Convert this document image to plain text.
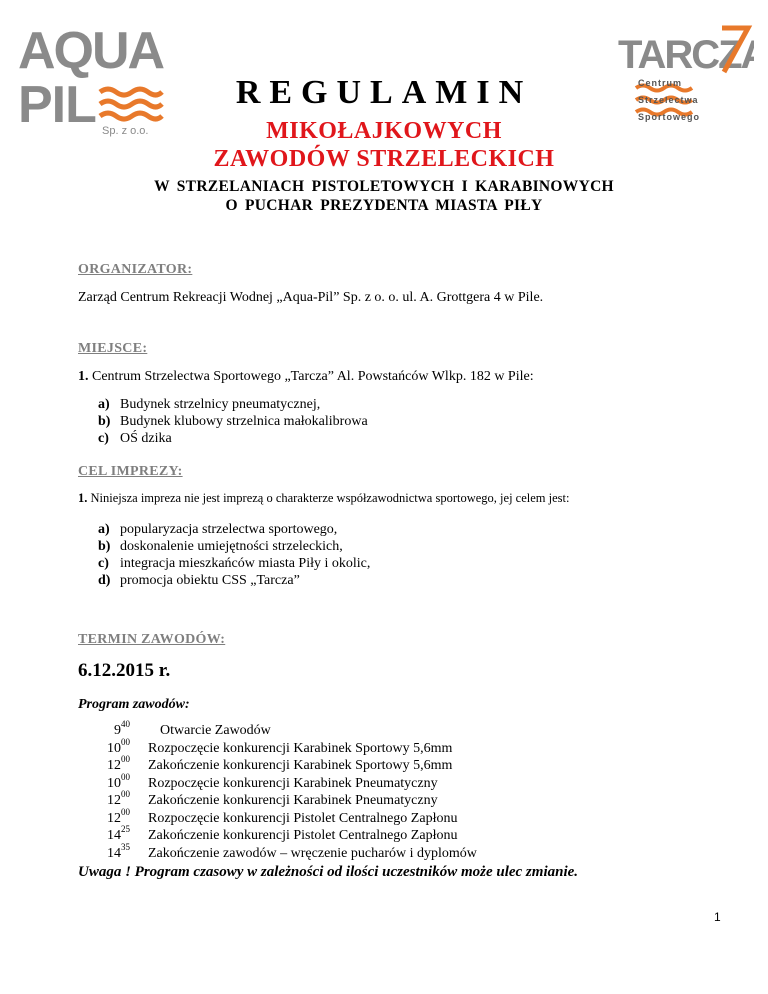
AQUA
PIL Sp. z o.o.
TARCZA
Centrum
Strzelectwa
Sportowego
REGULAMIN
MIKOŁAJKOWYCH
ZAWODÓW STRZELECKICH
W STRZELANIACH PISTOLETOWYCH I KARABINOWYCH
O PUCHAR PREZYDENTA MIASTA PIŁY
ORGANIZATOR:
Zarząd Centrum Rekreacji Wodnej „Aqua-Pil” Sp. z o. o. ul. A. Grottgera 4 w Pile.
MIEJSCE:
1. Centrum Strzelectwa Sportowego „Tarcza” Al. Powstańców Wlkp. 182 w Pile:
a) Budynek strzelnicy pneumatycznej,
b) Budynek klubowy strzelnica małokalibrowa
c) OŚ dzika
CEL IMPREZY:
1. Niniejsza impreza nie jest imprezą o charakterze współzawodnictwa sportowego, jej celem jest:
a) popularyzacja strzelectwa sportowego,
b) doskonalenie umiejętności strzeleckich,
c) integracja mieszkańców miasta Piły i okolic,
d) promocja obiektu CSS „Tarcza”
TERMIN ZAWODÓW:
6.12.2015 r.
Program zawodów:
$9^{40}$	Otwarcie Zawodów
$10^{00}$	Rozpoczęcie konkurencji Karabinek Sportowy 5,6mm
$12^{00}$	Zakończenie konkurencji Karabinek Sportowy 5,6mm
$10^{00}$	Rozpoczęcie konkurencji Karabinek Pneumatyczny
$12^{00}$	Zakończenie konkurencji Karabinek Pneumatyczny
$12^{00}$	Rozpoczęcie konkurencji Pistolet Centralnego Zapłonu
$14^{25}$	Zakończenie konkurencji Pistolet Centralnego Zapłonu
$14^{35}$	Zakończenie zawodów – wręczenie pucharów i dyplomów
Uwaga ! Program czasowy w zależności od ilości uczestników może ulec zmianie.
1
